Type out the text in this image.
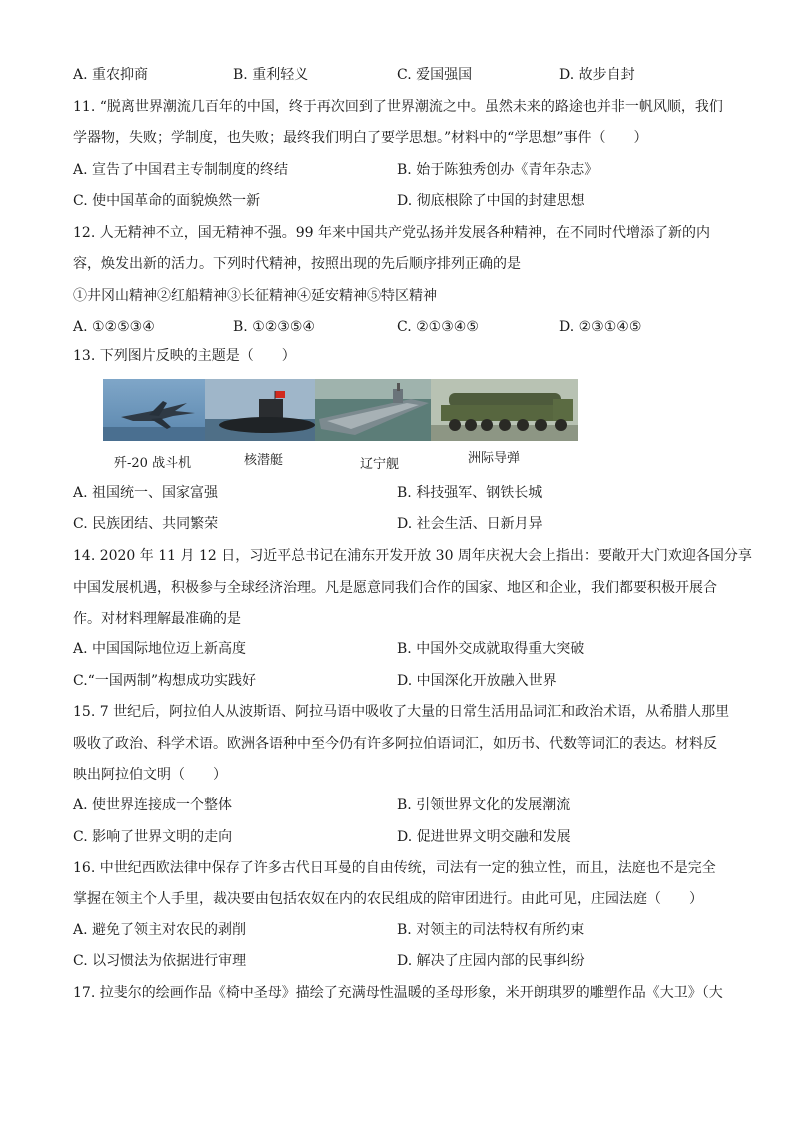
A. 重农抑商	B. 重利轻义	C. 爱国强国	D. 故步自封
11. “脱离世界潮流几百年的中国，终于再次回到了世界潮流之中。虽然未来的路途也并非一帆风顺，我们
学器物，失败；学制度，也失败；最终我们明白了要学思想。”材料中的“学思想”事件（　　）
A. 宣告了中国君主专制制度的终结	B. 始于陈独秀创办《青年杂志》
C. 使中国革命的面貌焕然一新	D. 彻底根除了中国的封建思想
12. 人无精神不立，国无精神不强。99 年来中国共产党弘扬并发展各种精神，在不同时代增添了新的内
容，焕发出新的活力。下列时代精神，按照出现的先后顺序排列正确的是
①井冈山精神②红船精神③长征精神④延安精神⑤特区精神
A. ①②⑤③④	B. ①②③⑤④	C. ②①③④⑤	D. ②③①④⑤
13. 下列图片反映的主题是（　　）
歼-20 战斗机	核潜艇	辽宁舰	洲际导弹
A. 祖国统一、国家富强	B. 科技强军、钢铁长城
C. 民族团结、共同繁荣	D. 社会生活、日新月异
14. 2020 年 11 月 12 日，习近平总书记在浦东开发开放 30 周年庆祝大会上指出：要敞开大门欢迎各国分享
中国发展机遇，积极参与全球经济治理。凡是愿意同我们合作的国家、地区和企业，我们都要积极开展合
作。对材料理解最准确的是
A. 中国国际地位迈上新高度	B. 中国外交成就取得重大突破
C.“一国两制”构想成功实践好	D. 中国深化开放融入世界
15. 7 世纪后，阿拉伯人从波斯语、阿拉马语中吸收了大量的日常生活用品词汇和政治术语，从希腊人那里
吸收了政治、科学术语。欧洲各语种中至今仍有许多阿拉伯语词汇，如历书、代数等词汇的表达。材料反
映出阿拉伯文明（　　）
A. 使世界连接成一个整体	B. 引领世界文化的发展潮流
C. 影响了世界文明的走向	D. 促进世界文明交融和发展
16. 中世纪西欧法律中保存了许多古代日耳曼的自由传统，司法有一定的独立性，而且，法庭也不是完全
掌握在领主个人手里，裁决要由包括农奴在内的农民组成的陪审团进行。由此可见，庄园法庭（　　）
A. 避免了领主对农民的剥削	B. 对领主的司法特权有所约束
C. 以习惯法为依据进行审理	D. 解决了庄园内部的民事纠纷
17. 拉斐尔的绘画作品《椅中圣母》描绘了充满母性温暖的圣母形象，米开朗琪罗的雕塑作品《大卫》（大
